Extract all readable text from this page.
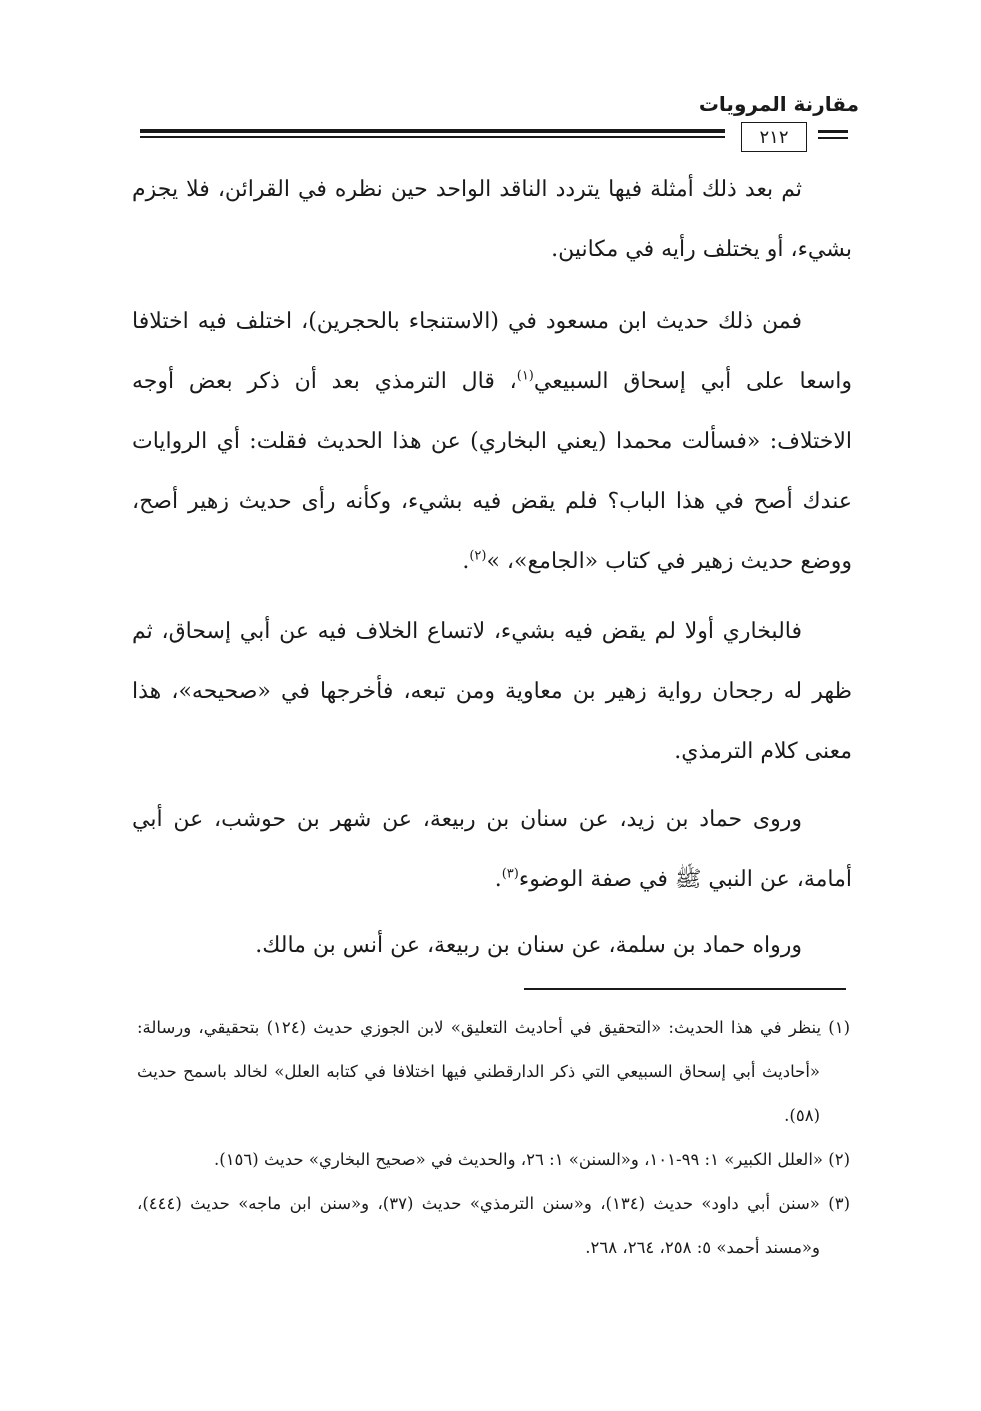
مقارنة المرويات
٢١٢
ثم بعد ذلك أمثلة فيها يتردد الناقد الواحد حين نظره في القرائن، فلا يجزم بشيء، أو يختلف رأيه في مكانين.
فمن ذلك حديث ابن مسعود في (الاستنجاء بالحجرين)، اختلف فيه اختلافا واسعا على أبي إسحاق السبيعي$^{(١)}$، قال الترمذي بعد أن ذكر بعض أوجه الاختلاف: «فسألت محمدا (يعني البخاري) عن هذا الحديث فقلت: أي الروايات عندك أصح في هذا الباب؟ فلم يقض فيه بشيء، وكأنه رأى حديث زهير أصح، ووضع حديث زهير في كتاب «الجامع»، »$^{(٢)}$.
فالبخاري أولا لم يقض فيه بشيء، لاتساع الخلاف فيه عن أبي إسحاق، ثم ظهر له رجحان رواية زهير بن معاوية ومن تبعه، فأخرجها في «صحيحه»، هذا معنى كلام الترمذي.
وروى حماد بن زيد، عن سنان بن ربيعة، عن شهر بن حوشب، عن أبي أمامة، عن النبي ﷺ في صفة الوضوء$^{(٣)}$.
ورواه حماد بن سلمة، عن سنان بن ربيعة، عن أنس بن مالك.
(١) ينظر في هذا الحديث: «التحقيق في أحاديث التعليق» لابن الجوزي حديث (١٢٤) بتحقيقي، ورسالة: «أحاديث أبي إسحاق السبيعي التي ذكر الدارقطني فيها اختلافا في كتابه العلل» لخالد باسمح حديث (٥٨).
(٢) «العلل الكبير» ١: ٩٩-١٠١، و«السنن» ١: ٢٦، والحديث في «صحيح البخاري» حديث (١٥٦).
(٣) «سنن أبي داود» حديث (١٣٤)، و«سنن الترمذي» حديث (٣٧)، و«سنن ابن ماجه» حديث (٤٤٤)، و«مسند أحمد» ٥: ٢٥٨، ٢٦٤، ٢٦٨.
